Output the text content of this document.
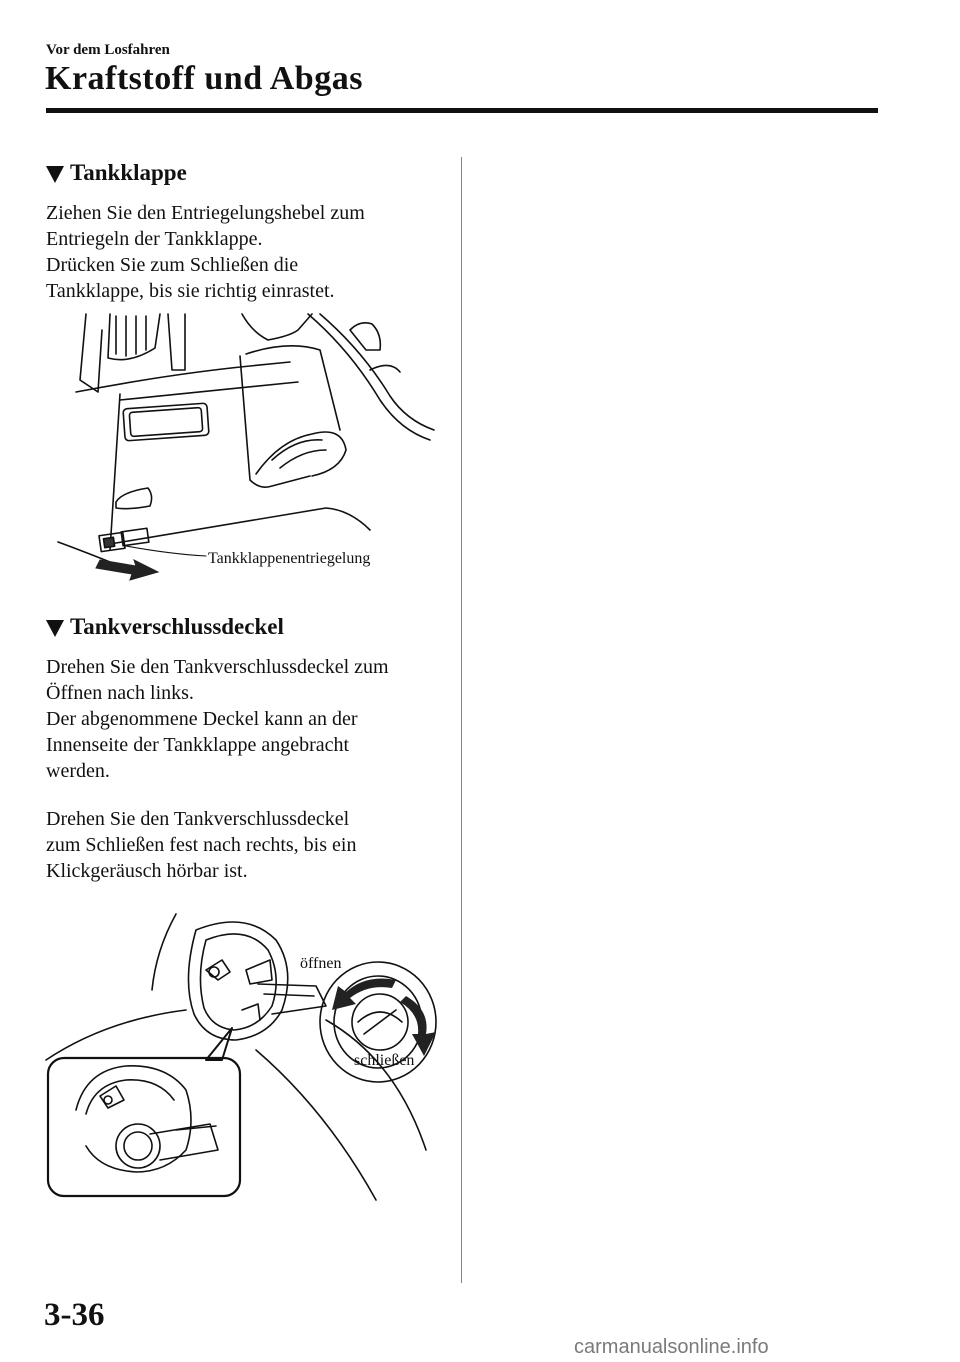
Vor dem Losfahren
Kraftstoff und Abgas
Tankklappe
Ziehen Sie den Entriegelungshebel zum
Entriegeln der Tankklappe.
Drücken Sie zum Schließen die
Tankklappe, bis sie richtig einrastet.
Tankklappenentriegelung
Tankverschlussdeckel
Drehen Sie den Tankverschlussdeckel zum
Öffnen nach links.
Der abgenommene Deckel kann an der
Innenseite der Tankklappe angebracht
werden.
Drehen Sie den Tankverschlussdeckel
zum Schließen fest nach rechts, bis ein
Klickgeräusch hörbar ist.
öffnen
schließen
3-36
carmanualsonline.info
